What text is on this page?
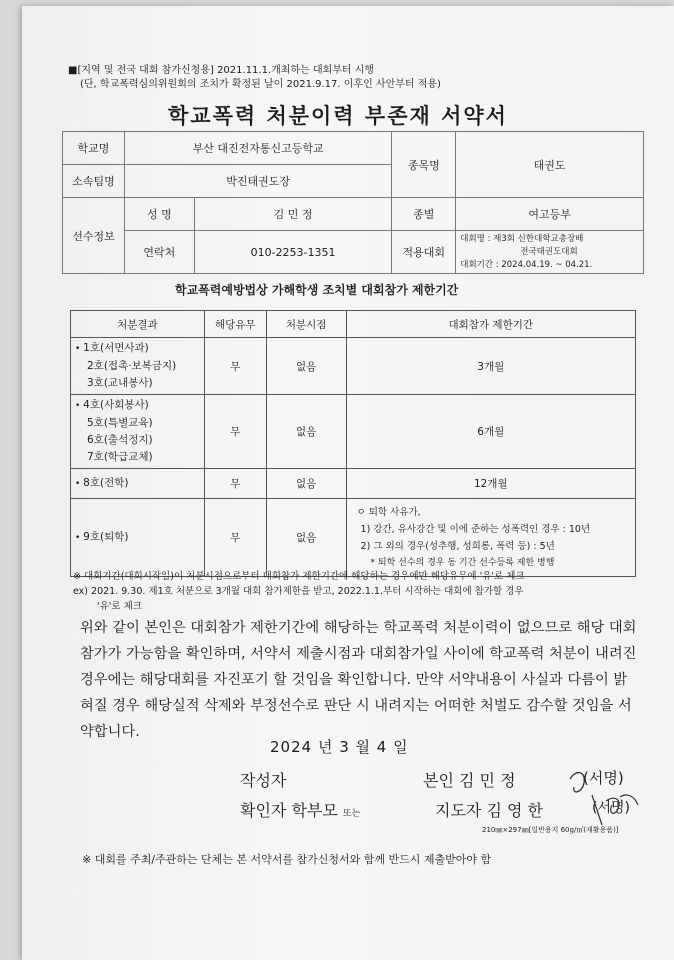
■[지역 및 전국 대회 참가신청용] 2021.11.1.개최하는 대회부터 시행
(단, 학교폭력심의위원회의 조치가 확정된 날이 2021.9.17. 이후인 사안부터 적용)
학교폭력 처분이력 부존재 서약서
학교명	부산 대진전자통신고등학교		종목명	태권도
소속팀명	박진태권도장			
선수정보	성 명	김 민 정	종별	여고등부
	연락처	010-2253-1351	적용대회	대회명 : 제3회 신한대학교총장배
전국태권도대회
대회기간 : 2024.04.19. ~ 04.21.
학교폭력예방법상 가해학생 조치별 대회참가 제한기간
처분결과	해당유무	처분시점	대회참가 제한기간

• 1호(서면사과)
2호(접촉·보복금지)
3호(교내봉사)	무	없음	3개월

• 4호(사회봉사)
5호(특별교육)
6호(출석정지)
7호(학급교체)	무	없음	6개월

• 8호(전학)	무	없음	12개월

• 9호(퇴학)	무	없음	ㅇ 퇴학 사유가,
1) 강간, 유사강간 및 이에 준하는 성폭력인 경우 : 10년
2) 그 외의 경우(성추행, 성희롱, 폭력 등) : 5년
* 퇴학 선수의 경우 동 기간 선수등록 제한 병행
※ 대회기간(대회시작일)이 처분시점으로부터 대회참가 제한기간에 해당하는 경우에만 해당유무에 '유'로 체크
ex) 2021. 9.30. 제1호 처분으로 3개월 대회 참가제한을 받고, 2022.1.1.부터 시작하는 대회에 참가할 경우
'유'로 체크
위와 같이 본인은 대회참가 제한기간에 해당하는 학교폭력 처분이력이 없으므로 해당 대회 참가가 가능함을 확인하며, 서약서 제출시점과 대회참가일 사이에 학교폭력 처분이 내려진 경우에는 해당대회를 자진포기 할 것임을 확인합니다. 만약 서약내용이 사실과 다름이 밝혀질 경우 해당실적 삭제와 부정선수로 판단 시 내려지는 어떠한 처벌도 감수할 것임을 서약합니다.
2024 년 3 월 4 일
작성자	본인 김 민 정	(서명)
확인자 학부모 또는	지도자 김 영 한	(서명)
210㎜×297㎜[일반용지 60g/㎡(재활용품)]
※ 대회를 주최/주관하는 단체는 본 서약서를 참가신청서와 함께 반드시 제출받아야 함
